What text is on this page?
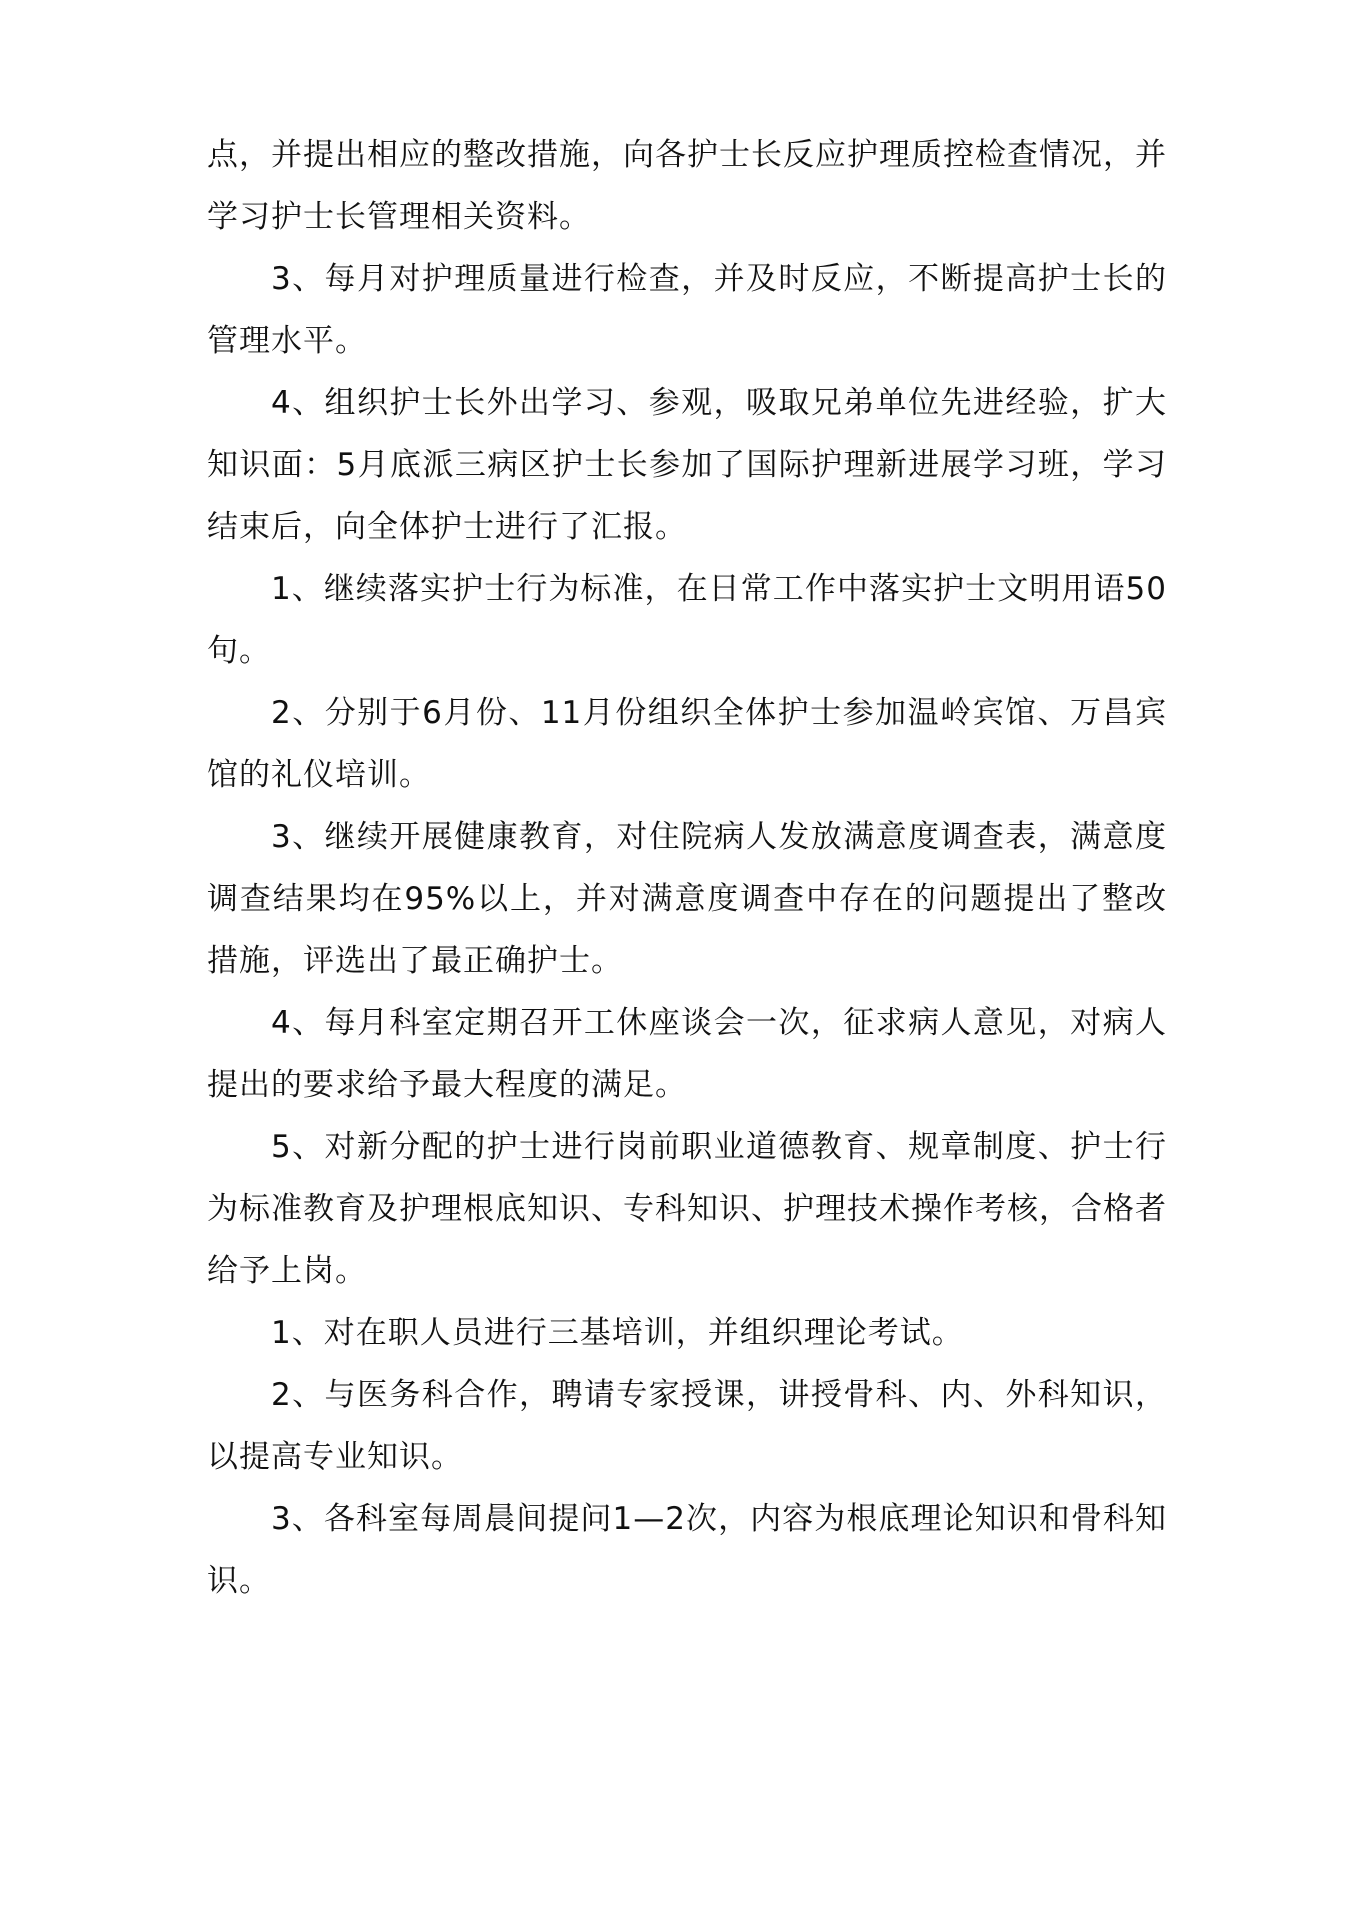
点，并提出相应的整改措施，向各护士长反应护理质控检查情况，并学习护士长管理相关资料。

3、每月对护理质量进行检查，并及时反应，不断提高护士长的管理水平。

4、组织护士长外出学习、参观，吸取兄弟单位先进经验，扩大知识面：5月底派三病区护士长参加了国际护理新进展学习班，学习结束后，向全体护士进行了汇报。

1、继续落实护士行为标准，在日常工作中落实护士文明用语50句。

2、分别于6月份、11月份组织全体护士参加温岭宾馆、万昌宾馆的礼仪培训。

3、继续开展健康教育，对住院病人发放满意度调查表，满意度调查结果均在95%以上，并对满意度调查中存在的问题提出了整改措施，评选出了最正确护士。

4、每月科室定期召开工休座谈会一次，征求病人意见，对病人提出的要求给予最大程度的满足。

5、对新分配的护士进行岗前职业道德教育、规章制度、护士行为标准教育及护理根底知识、专科知识、护理技术操作考核，合格者给予上岗。

1、对在职人员进行三基培训，并组织理论考试。

2、与医务科合作，聘请专家授课，讲授骨科、内、外科知识，以提高专业知识。

3、各科室每周晨间提问1—2次，内容为根底理论知识和骨科知识。
